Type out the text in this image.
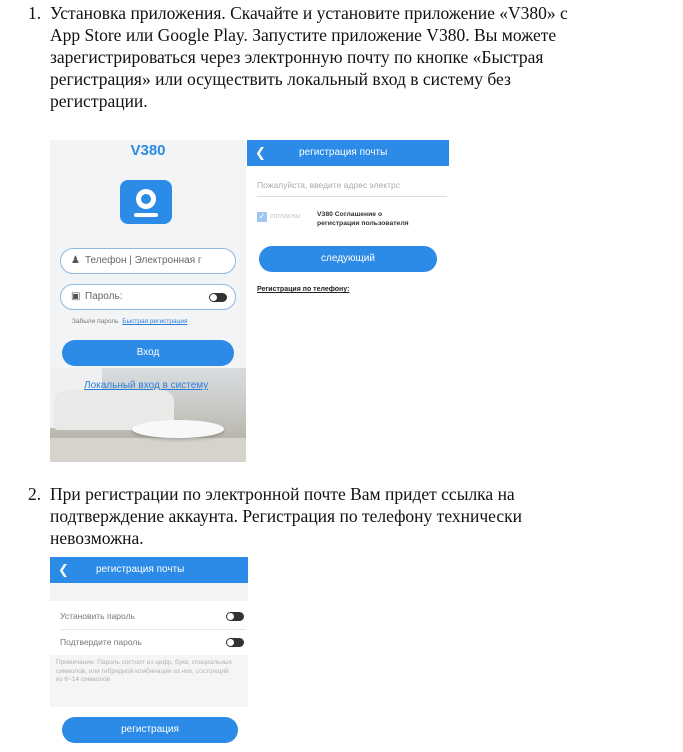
1. Установка приложения. Скачайте и установите приложение «V380» с
App Store или Google Play. Запустите приложение V380. Вы можете
зарегистрироваться через электронную почту по кнопке «Быстрая
регистрация» или осуществить локальный вход в систему без
регистрации.
V380
♟ Телефон | Электронная г
▣ Пароль:
Забыли пароль Быстрая регистрация
Вход
Локальный вход в систему
❮	регистрация почты
Пожалуйста, введите адрес электрс
✓ согласны V380 Соглашение о
регистрации пользователя
следующий
Регистрация по телефону:
2. При регистрации по электронной почте Вам придет ссылка на
подтверждение аккаунта. Регистрация по телефону технически
невозможна.
❮	регистрация почты
Установить пароль
Подтвердите пароль
Примечание: Пароль состоит из цифр, букв, специальных символов, или гибридной комбинации из них, состоящий из 6~14 символов
регистрация
